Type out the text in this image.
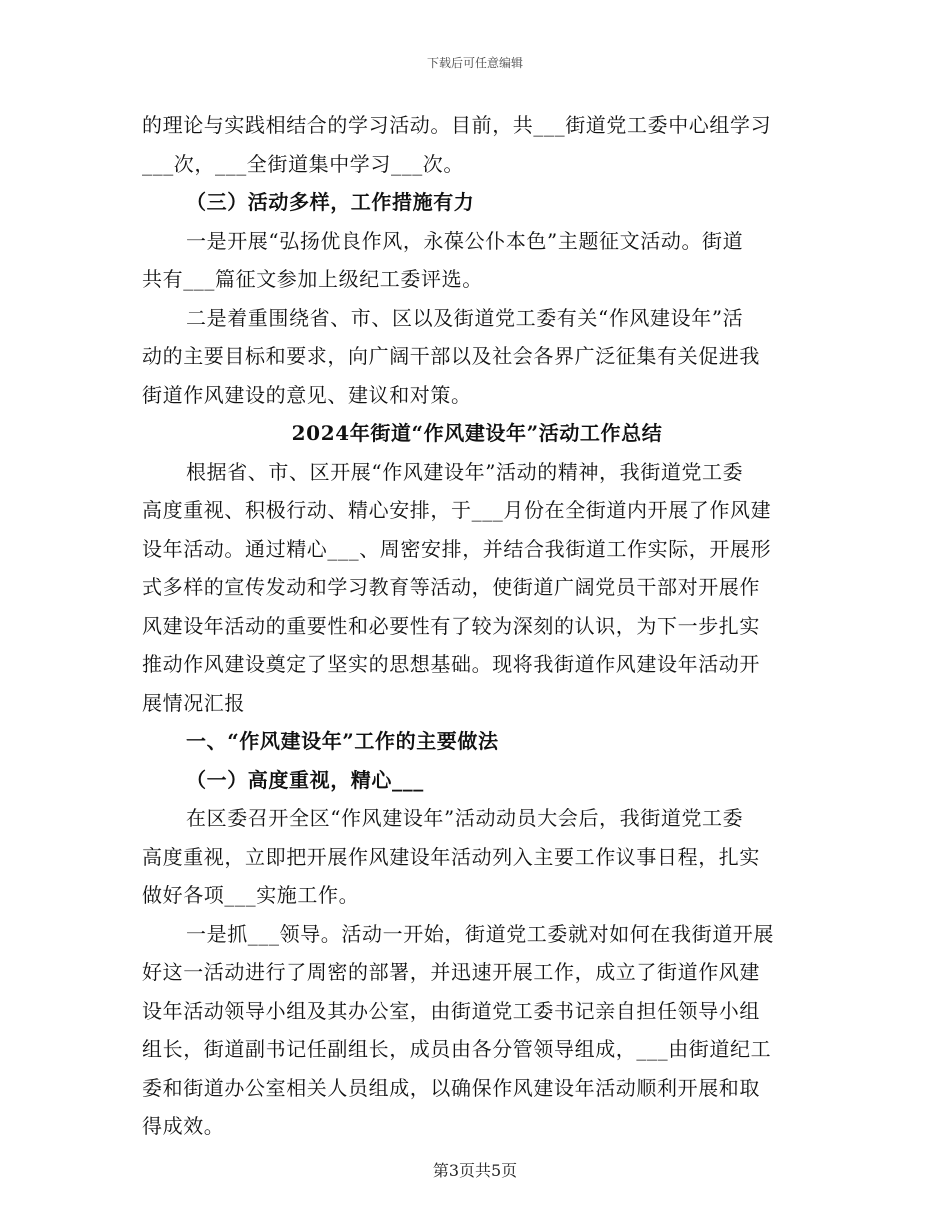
下载后可任意编辑
的理论与实践相结合的学习活动。目前，共___街道党工委中心组学习
___次，___全街道集中学习___次。
（三）活动多样，工作措施有力
一是开展“弘扬优良作风，永葆公仆本色”主题征文活动。街道
共有___篇征文参加上级纪工委评选。
二是着重围绕省、市、区以及街道党工委有关“作风建设年”活
动的主要目标和要求，向广阔干部以及社会各界广泛征集有关促进我
街道作风建设的意见、建议和对策。
2024年街道“作风建设年”活动工作总结
根据省、市、区开展“作风建设年”活动的精神，我街道党工委
高度重视、积极行动、精心安排，于___月份在全街道内开展了作风建
设年活动。通过精心___、周密安排，并结合我街道工作实际，开展形
式多样的宣传发动和学习教育等活动，使街道广阔党员干部对开展作
风建设年活动的重要性和必要性有了较为深刻的认识，为下一步扎实
推动作风建设奠定了坚实的思想基础。现将我街道作风建设年活动开
展情况汇报
一、“作风建设年”工作的主要做法
（一）高度重视，精心___
在区委召开全区“作风建设年”活动动员大会后，我街道党工委
高度重视，立即把开展作风建设年活动列入主要工作议事日程，扎实
做好各项___实施工作。
一是抓___领导。活动一开始，街道党工委就对如何在我街道开展
好这一活动进行了周密的部署，并迅速开展工作，成立了街道作风建
设年活动领导小组及其办公室，由街道党工委书记亲自担任领导小组
组长，街道副书记任副组长，成员由各分管领导组成，___由街道纪工
委和街道办公室相关人员组成，以确保作风建设年活动顺利开展和取
得成效。
第3页共5页
